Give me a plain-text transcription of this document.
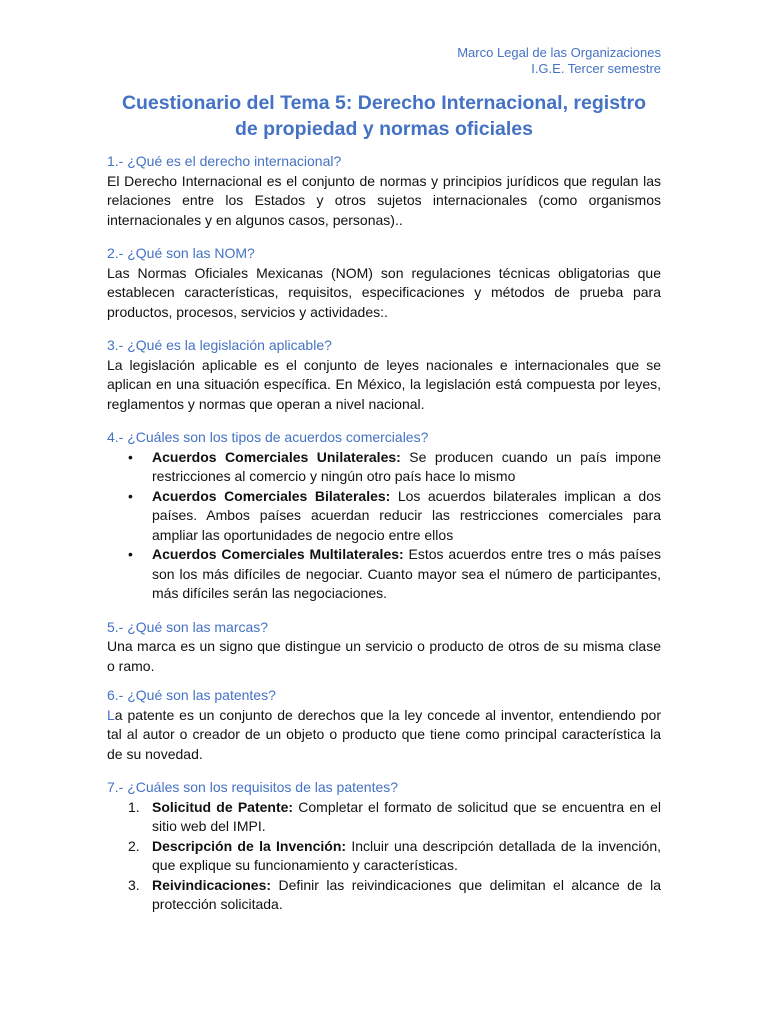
Marco Legal de las Organizaciones
I.G.E. Tercer semestre
Cuestionario del Tema 5: Derecho Internacional, registro
de propiedad y normas oficiales

1.- ¿Qué es el derecho internacional?

El Derecho Internacional es el conjunto de normas y principios jurídicos que regulan las relaciones entre los Estados y otros sujetos internacionales (como organismos internacionales y en algunos casos, personas)..

2.- ¿Qué son las NOM?

Las Normas Oficiales Mexicanas (NOM) son regulaciones técnicas obligatorias que establecen características, requisitos, especificaciones y métodos de prueba para productos, procesos, servicios y actividades:.

3.- ¿Qué es la legislación aplicable?

La legislación aplicable es el conjunto de leyes nacionales e internacionales que se aplican en una situación específica. En México, la legislación está compuesta por leyes, reglamentos y normas que operan a nivel nacional.

4.- ¿Cuáles son los tipos de acuerdos comerciales?

• Acuerdos Comerciales Unilaterales: Se producen cuando un país impone restricciones al comercio y ningún otro país hace lo mismo
• Acuerdos Comerciales Bilaterales: Los acuerdos bilaterales implican a dos países. Ambos países acuerdan reducir las restricciones comerciales para ampliar las oportunidades de negocio entre ellos
• Acuerdos Comerciales Multilaterales: Estos acuerdos entre tres o más países son los más difíciles de negociar. Cuanto mayor sea el número de participantes, más difíciles serán las negociaciones.

5.- ¿Qué son las marcas?

Una marca es un signo que distingue un servicio o producto de otros de su misma clase o ramo.

6.- ¿Qué son las patentes?

La patente es un conjunto de derechos que la ley concede al inventor, entendiendo por tal al autor o creador de un objeto o producto que tiene como principal característica la de su novedad.

7.- ¿Cuáles son los requisitos de las patentes?

1. Solicitud de Patente: Completar el formato de solicitud que se encuentra en el sitio web del IMPI.
2. Descripción de la Invención: Incluir una descripción detallada de la invención, que explique su funcionamiento y características.
3. Reivindicaciones: Definir las reivindicaciones que delimitan el alcance de la protección solicitada.
